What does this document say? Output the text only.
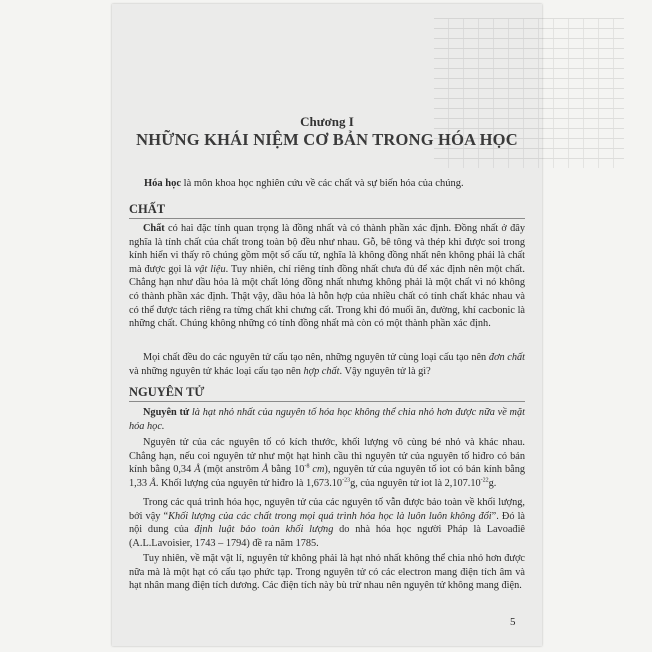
Chương I
NHỮNG KHÁI NIỆM CƠ BẢN TRONG HÓA HỌC

Hóa học là môn khoa học nghiên cứu về các chất và sự biến hóa của chúng.

CHẤT

Chất có hai đặc tính quan trọng là đồng nhất và có thành phần xác định. Đồng nhất ở đây nghĩa là tính chất của chất trong toàn bộ đều như nhau. Gỗ, bê tông và thép khi được soi trong kính hiển vi thấy rõ chúng gồm một số cấu tử, nghĩa là không đồng nhất nên không phải là chất mà được gọi là vật liệu. Tuy nhiên, chỉ riêng tính đồng nhất chưa đủ để xác định nên một chất. Chẳng hạn như dầu hỏa là một chất lỏng đồng nhất nhưng không phải là một chất vì nó không có thành phần xác định. Thật vậy, dầu hỏa là hỗn hợp của nhiều chất có tính chất khác nhau và có thể được tách riêng ra từng chất khi chưng cất. Trong khi đó muối ăn, đường, khí cacbonic là những chất. Chúng không những có tính đồng nhất mà còn có một thành phần xác định.

Mọi chất đều do các nguyên tử cấu tạo nên, những nguyên tử cùng loại cấu tạo nên đơn chất và những nguyên tử khác loại cấu tạo nên hợp chất. Vậy nguyên tử là gì?

NGUYÊN TỬ

Nguyên tử là hạt nhỏ nhất của nguyên tố hóa học không thể chia nhỏ hơn được nữa về mặt hóa học.

Nguyên tử của các nguyên tố có kích thước, khối lượng vô cùng bé nhỏ và khác nhau. Chẳng hạn, nếu coi nguyên tử như một hạt hình cầu thì nguyên tử của nguyên tố hiđro có bán kính bằng 0,34 Å (một anstrôm Å bằng $10^{-8}$ cm), nguyên tử của nguyên tố iot có bán kính bằng 1,33 Å. Khối lượng của nguyên tử hiđro là $1,673.10^{-23}g$, của nguyên tử iot là $2,107.10^{-22}g$.

Trong các quá trình hóa học, nguyên tử của các nguyên tố vẫn được bảo toàn về khối lượng, bởi vậy “Khối lượng của các chất trong mọi quá trình hóa học là luôn luôn không đổi”. Đó là nội dung của định luật bảo toàn khối lượng do nhà hóa học người Pháp là Lavoađiê (A.L.Lavoisier, 1743 – 1794) đề ra năm 1785.

Tuy nhiên, về mặt vật lí, nguyên tử không phải là hạt nhỏ nhất không thể chia nhỏ hơn được nữa mà là một hạt có cấu tạo phức tạp. Trong nguyên tử có các electron mang điện tích âm và hạt nhân mang điện tích dương. Các điện tích này bù trừ nhau nên nguyên tử không mang điện.

5
